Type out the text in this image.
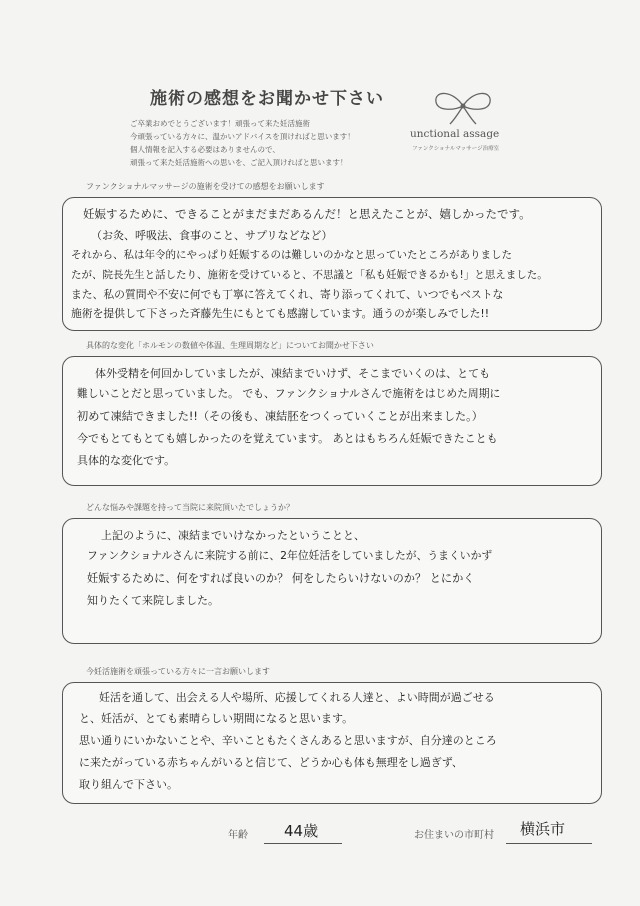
施術の感想をお聞かせ下さい
ご卒業おめでとうございます！頑張って来た妊活施術
今頑張っている方々に、温かいアドバイスを頂ければと思います！
個人情報を記入する必要はありませんので、
頑張って来た妊活施術への思いを、ご記入頂ければと思います！
unctional assage
ファンクショナルマッサージ治療室
ファンクショナルマッサージの施術を受けての感想をお願いします
妊娠するために、できることがまだまだあるんだ！と思えたことが、嬉しかったです。
（お灸、呼吸法、食事のこと、サプリなどなど）
それから、私は年令的にやっぱり妊娠するのは難しいのかなと思っていたところがありました
たが、院長先生と話したり、施術を受けていると、不思議と「私も妊娠できるかも!」と思えました。
また、私の質問や不安に何でも丁寧に答えてくれ、寄り添ってくれて、いつでもベストな
施術を提供して下さった斉藤先生にもとても感謝しています。通うのが楽しみでした!!
具体的な変化「ホルモンの数値や体温、生理周期など」についてお聞かせ下さい
体外受精を何回かしていましたが、凍結までいけず、そこまでいくのは、とても
難しいことだと思っていました。 でも、ファンクショナルさんで施術をはじめた周期に
初めて凍結できました!!（その後も、凍結胚をつくっていくことが出来ました。）
今でもとてもとても嬉しかったのを覚えています。 あとはもちろん妊娠できたことも
具体的な変化です。
どんな悩みや課題を持って当院に来院頂いたでしょうか？
上記のように、凍結までいけなかったということと、
ファンクショナルさんに来院する前に、2年位妊活をしていましたが、うまくいかず
妊娠するために、何をすれば良いのか？ 何をしたらいけないのか？ とにかく
知りたくて来院しました。
今妊活施術を頑張っている方々に一言お願いします
妊活を通して、出会える人や場所、応援してくれる人達と、よい時間が過ごせる
と、妊活が、とても素晴らしい期間になると思います。
思い通りにいかないことや、辛いこともたくさんあると思いますが、自分達のところ
に来たがっている赤ちゃんがいると信じて、どうか心も体も無理をし過ぎず、
取り組んで下さい。
年齢 44歳	お住まいの市町村 横浜市
